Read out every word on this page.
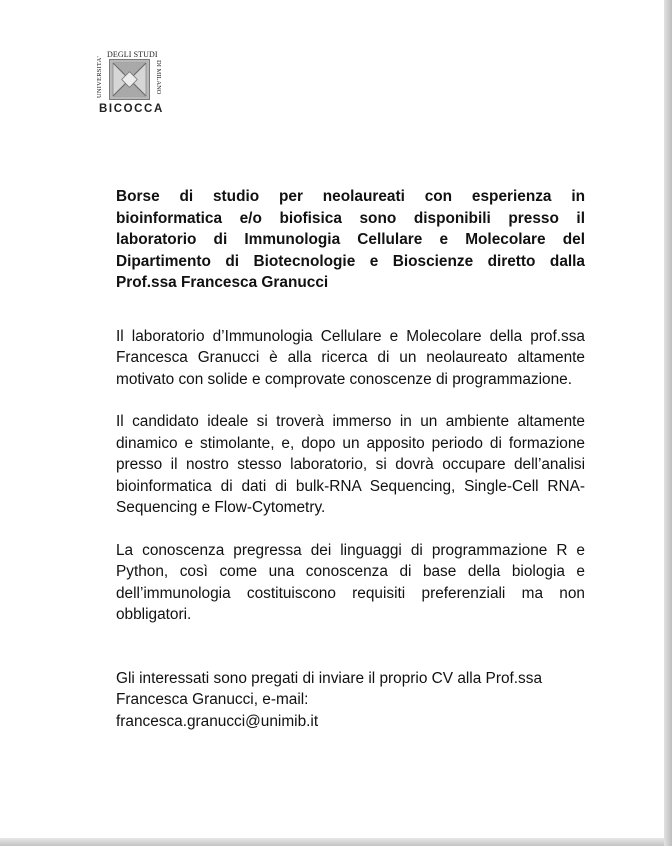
UNIVERSITA'
DEGLI STUDI
DI MILANO
BICOCCA

Borse di studio per neolaureati con esperienza in bioinformatica e/o biofisica sono disponibili presso il laboratorio di Immunologia Cellulare e Molecolare del Dipartimento di Biotecnologie e Bioscienze diretto dalla Prof.ssa Francesca Granucci

Il laboratorio d’Immunologia Cellulare e Molecolare della prof.ssa Francesca Granucci è alla ricerca di un neolaureato altamente motivato con solide e comprovate conoscenze di programmazione.

Il candidato ideale si troverà immerso in un ambiente altamente dinamico e stimolante, e, dopo un apposito periodo di formazione presso il nostro stesso laboratorio, si dovrà occupare dell’analisi bioinformatica di dati di bulk-RNA Sequencing, Single-Cell RNA-Sequencing e Flow-Cytometry.

La conoscenza pregressa dei linguaggi di programmazione R e Python, così come una conoscenza di base della biologia e dell’immunologia costituiscono requisiti preferenziali ma non obbligatori.

Gli interessati sono pregati di inviare il proprio CV alla Prof.ssa
Francesca Granucci, e-mail:
francesca.granucci@unimib.it
